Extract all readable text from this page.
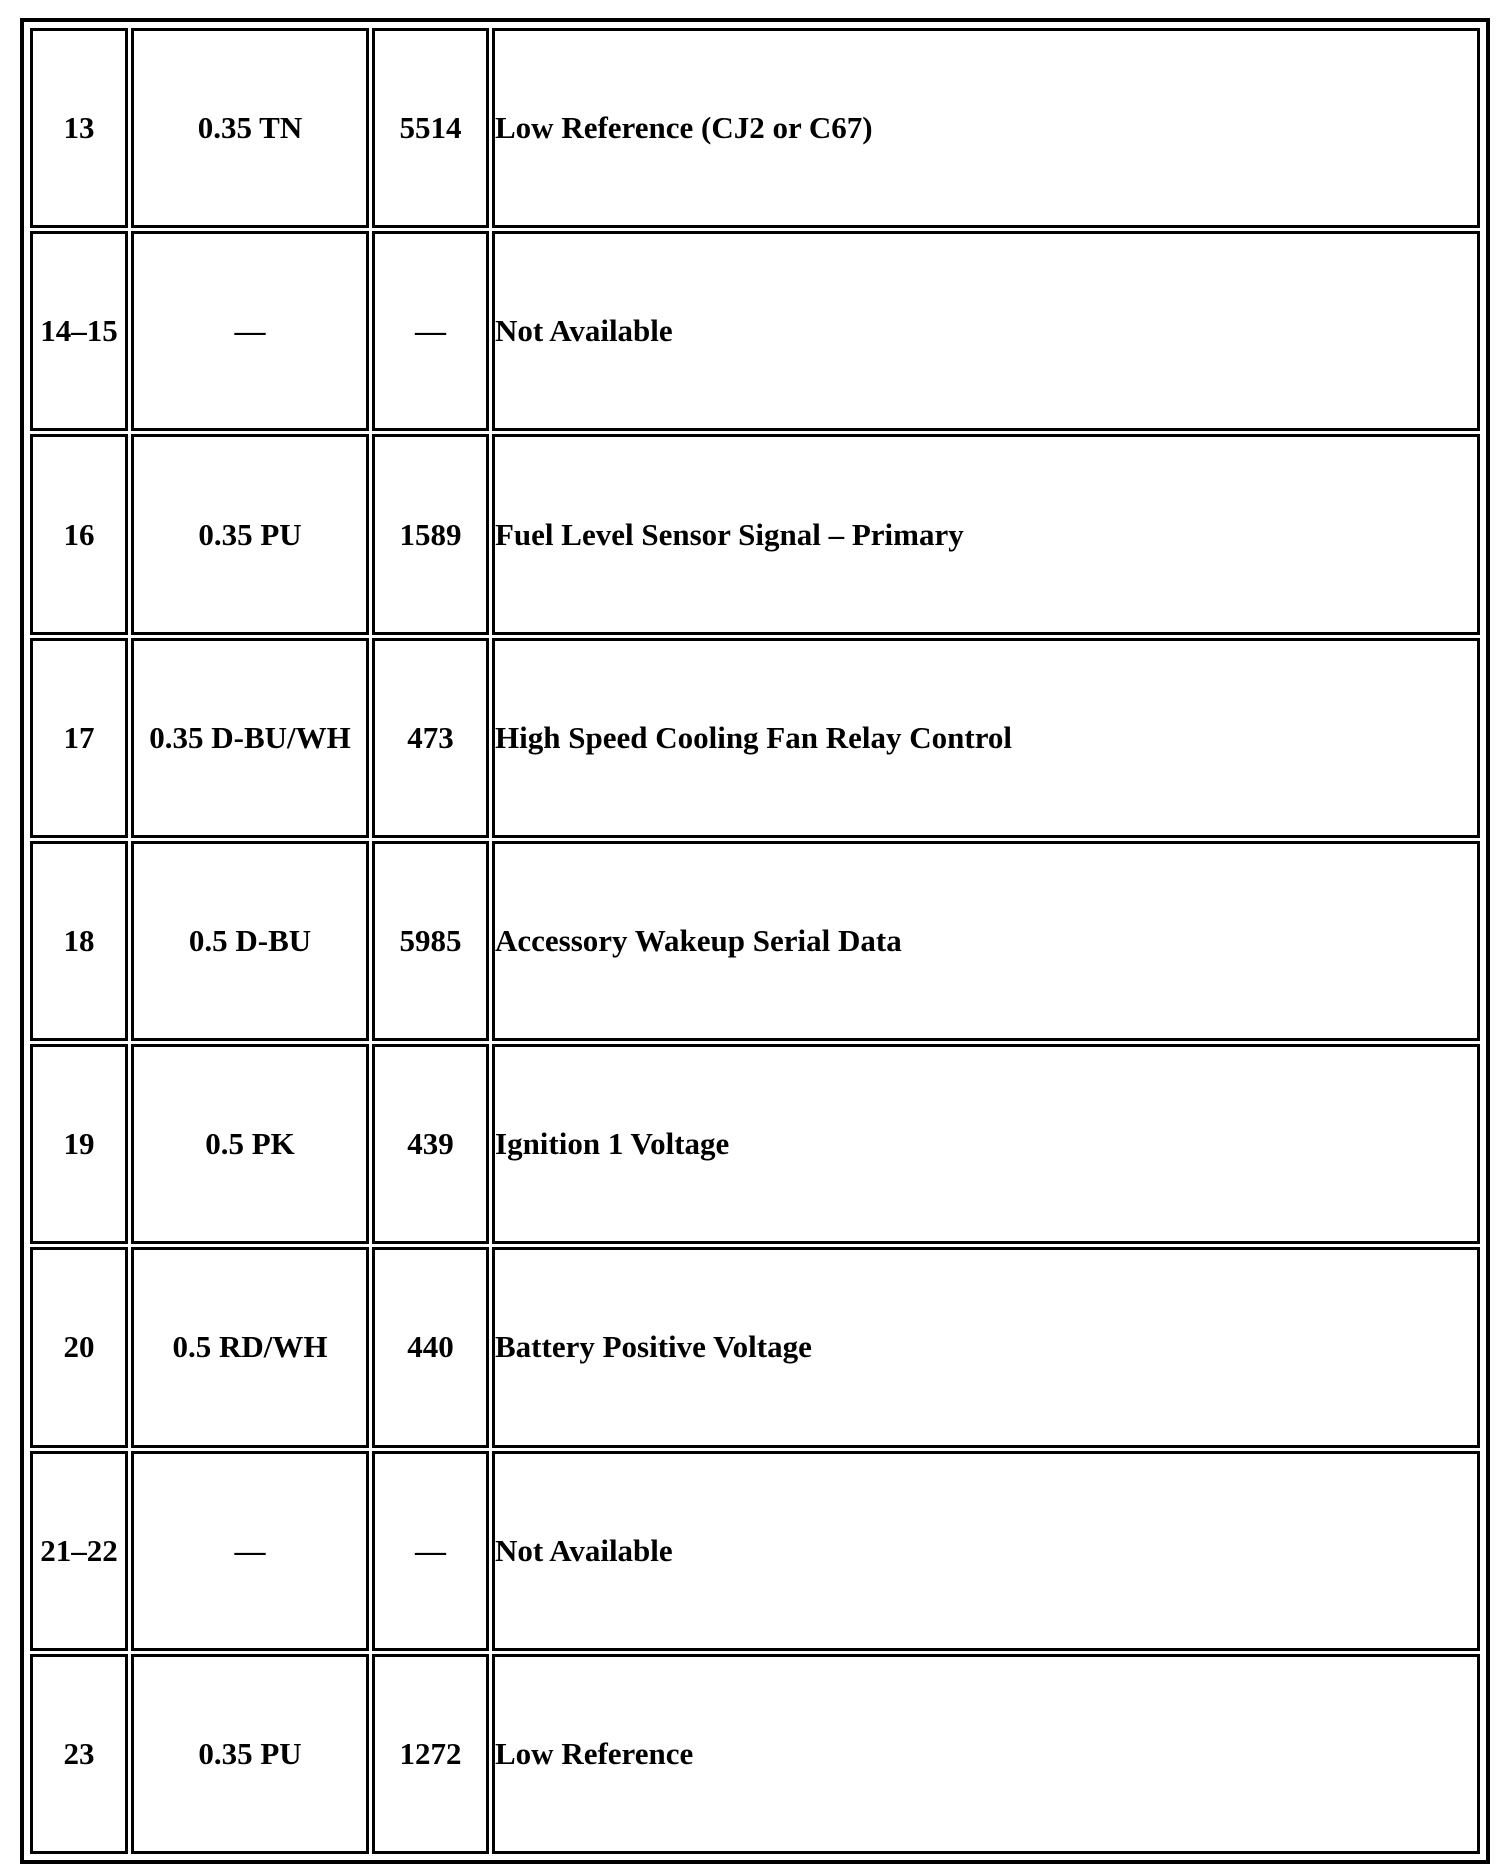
13	0.35 TN	5514	Low Reference (CJ2 or C67)
14–15	—	—	Not Available
16	0.35 PU	1589	Fuel Level Sensor Signal – Primary
17	0.35 D-BU/WH	473	High Speed Cooling Fan Relay Control
18	0.5 D-BU	5985	Accessory Wakeup Serial Data
19	0.5 PK	439	Ignition 1 Voltage
20	0.5 RD/WH	440	Battery Positive Voltage
21–22	—	—	Not Available
23	0.35 PU	1272	Low Reference
